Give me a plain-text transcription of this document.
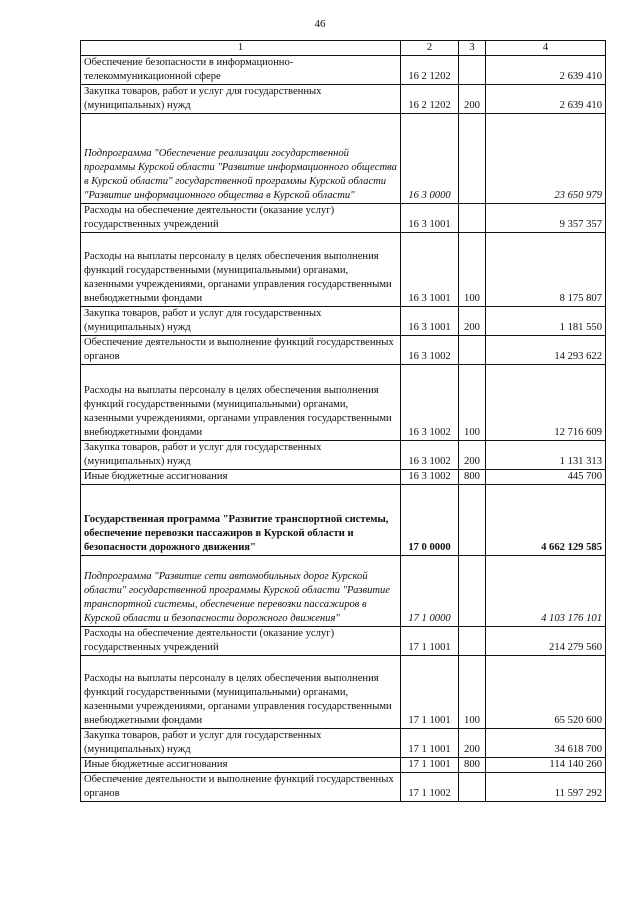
46
1	2	3	4
Обеспечение безопасности в информационно-телекоммуникационной сфере	16 2 1202		2 639 410
Закупка товаров, работ и услуг для государственных (муниципальных) нужд	16 2 1202	200	2 639 410
Подпрограмма "Обеспечение реализации государственной программы Курской области "Развитие информационного общества в Курской области" государственной программы Курской области "Развитие информационного общества в Курской области"	16 3 0000		23 650 979
Расходы на обеспечение деятельности (оказание услуг) государственных учреждений	16 3 1001		9 357 357
Расходы на выплаты персоналу в целях обеспечения выполнения функций государственными (муниципальными) органами, казенными учреждениями, органами управления государственными внебюджетными фондами	16 3 1001	100	8 175 807
Закупка товаров, работ и услуг для государственных (муниципальных) нужд	16 3 1001	200	1 181 550
Обеспечение деятельности и выполнение функций государственных органов	16 3 1002		14 293 622
Расходы на выплаты персоналу в целях обеспечения выполнения функций государственными (муниципальными) органами, казенными учреждениями, органами управления государственными внебюджетными фондами	16 3 1002	100	12 716 609
Закупка товаров, работ и услуг для государственных (муниципальных) нужд	16 3 1002	200	1 131 313
Иные бюджетные ассигнования	16 3 1002	800	445 700
Государственная программа "Развитие транспортной системы, обеспечение перевозки пассажиров в Курской области и безопасности дорожного движения"	17 0 0000		4 662 129 585
Подпрограмма "Развитие сети автомобильных дорог Курской области" государственной программы Курской области "Развитие транспортной системы, обеспечение перевозки пассажиров в Курской области и безопасности дорожного движения"	17 1 0000		4 103 176 101
Расходы на обеспечение деятельности (оказание услуг) государственных учреждений	17 1 1001		214 279 560
Расходы на выплаты персоналу в целях обеспечения выполнения функций государственными (муниципальными) органами, казенными учреждениями, органами управления государственными внебюджетными фондами	17 1 1001	100	65 520 600
Закупка товаров, работ и услуг для государственных (муниципальных) нужд	17 1 1001	200	34 618 700
Иные бюджетные ассигнования	17 1 1001	800	114 140 260
Обеспечение деятельности и выполнение функций государственных органов	17 1 1002		11 597 292
